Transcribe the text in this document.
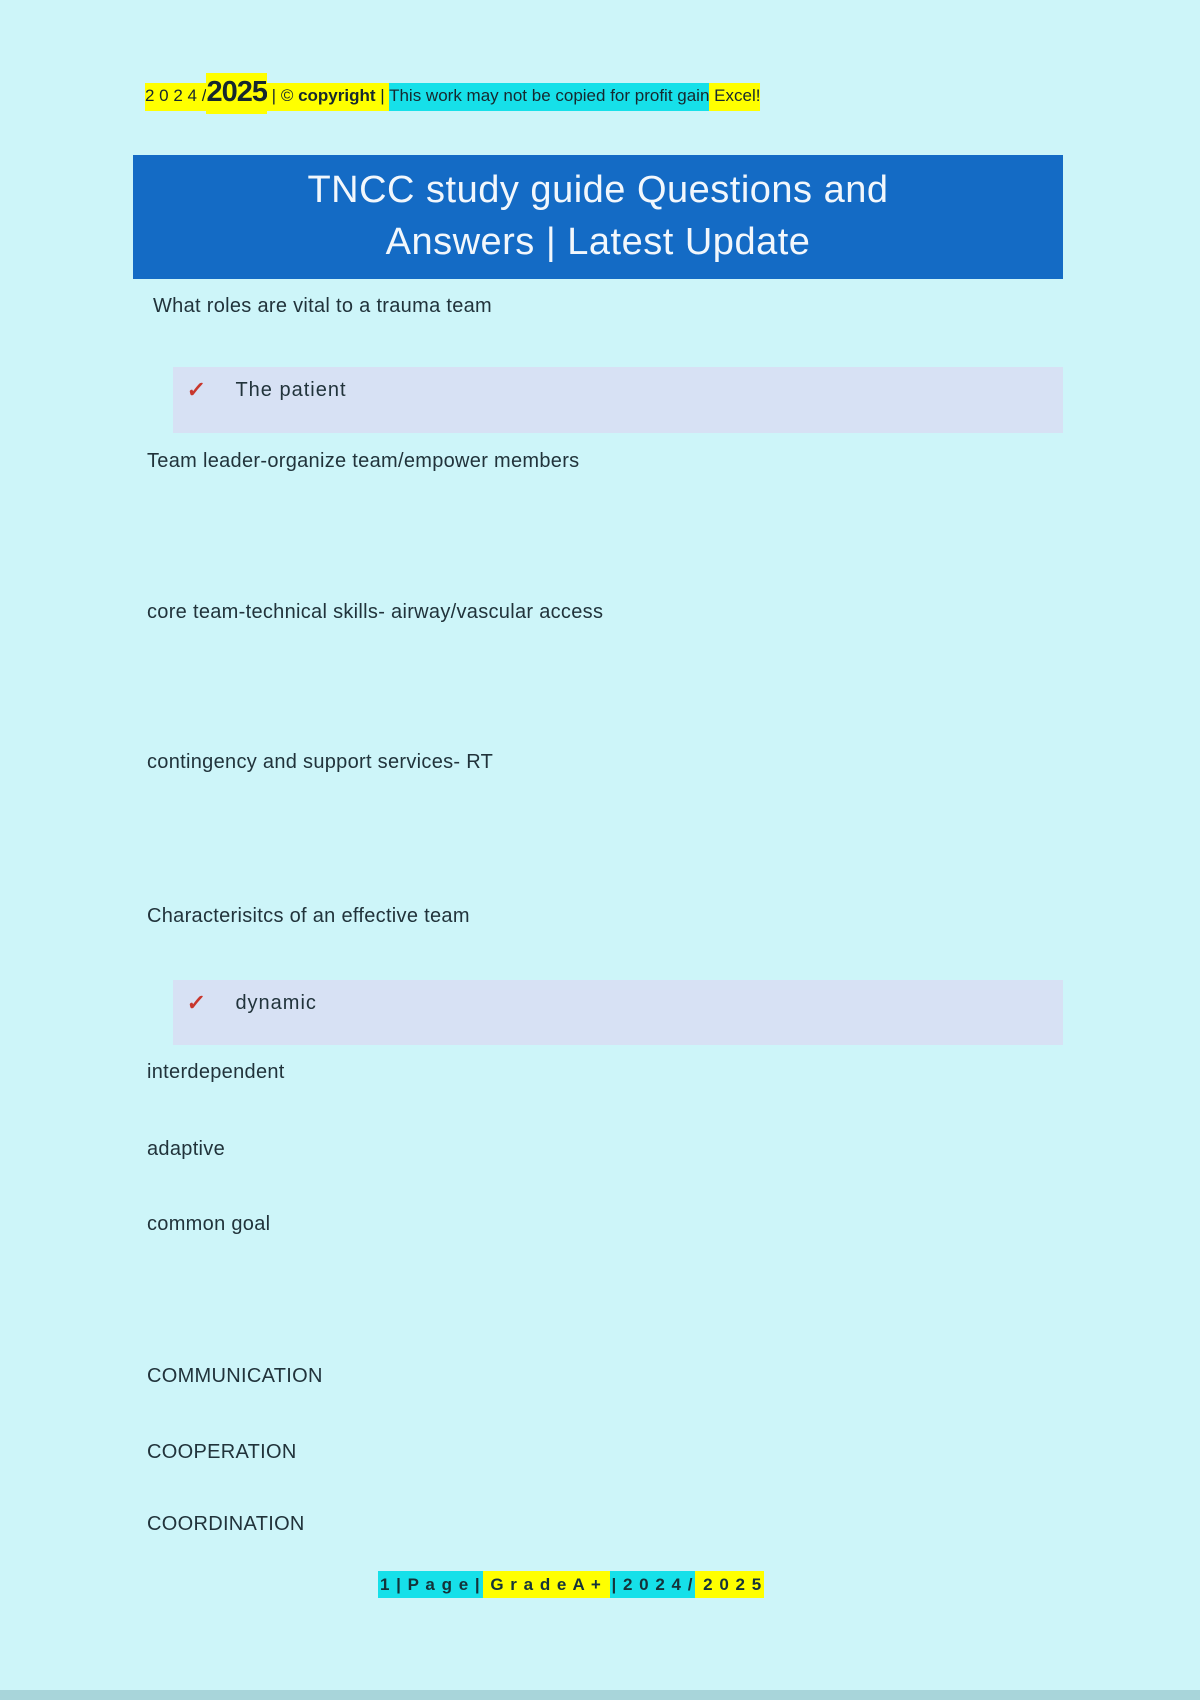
2 0 2 4 /2025 | © copyright | This work may not be copied for profit gain Excel!
TNCC study guide Questions and
Answers | Latest Update
What roles are vital to a trauma team
✓ The patient
Team leader-organize team/empower members
core team-technical skills- airway/vascular access
contingency and support services- RT
Characterisitcs of an effective team
✓ dynamic
interdependent
adaptive
common goal
COMMUNICATION
COOPERATION
COORDINATION
1 | P a g e | G r a d e A + | 2 0 2 4 / 2 0 2 5
